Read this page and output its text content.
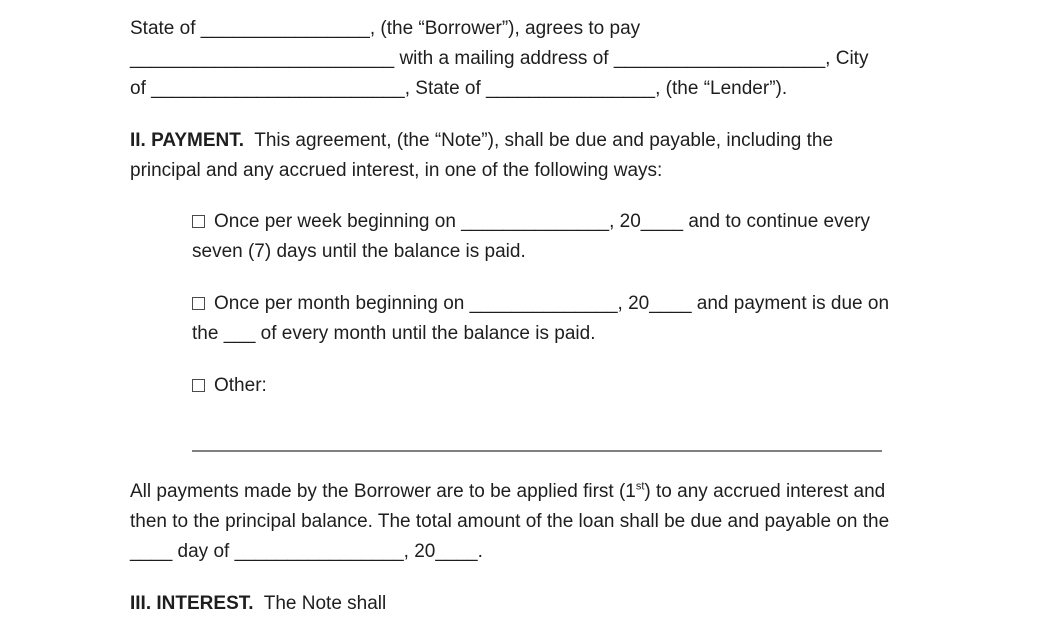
State of ________________, (the “Borrower”), agrees to pay
_________________________ with a mailing address of ____________________, City
of ________________________, State of ________________, (the “Lender”).
II. PAYMENT.  This agreement, (the “Note”), shall be due and payable, including the
principal and any accrued interest, in one of the following ways:
Once per week beginning on ______________, 20____ and to continue every
seven (7) days until the balance is paid.
Once per month beginning on ______________, 20____ and payment is due on
the ___ of every month until the balance is paid.
Other:
All payments made by the Borrower are to be applied first (1st) to any accrued interest and
then to the principal balance. The total amount of the loan shall be due and payable on the
____ day of ________________, 20____.
III. INTEREST.  The Note shall
